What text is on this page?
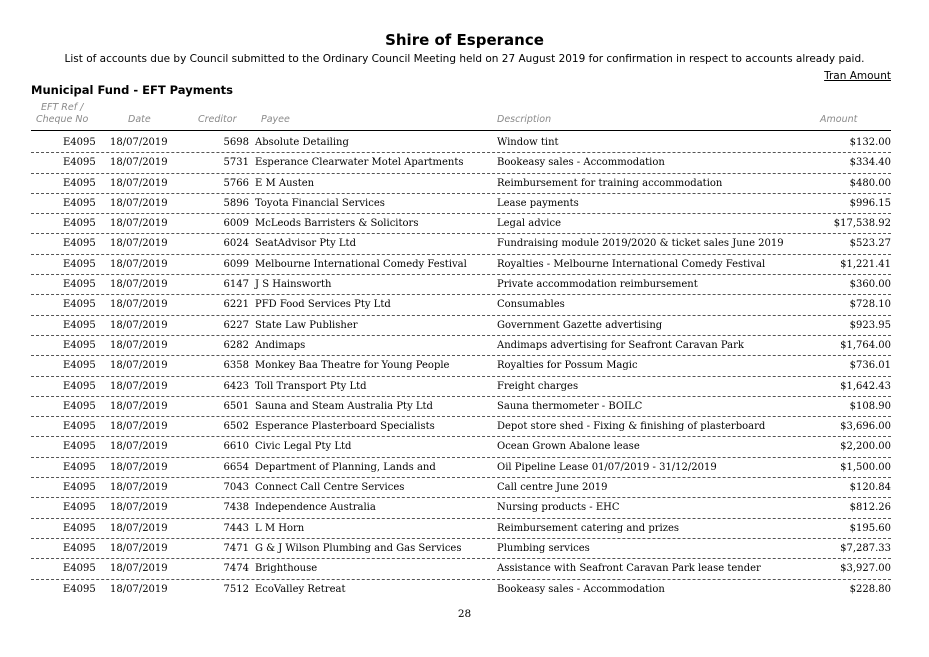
Shire of Esperance
List of accounts due by Council submitted to the Ordinary Council Meeting held on 27 August 2019 for confirmation in respect to accounts already paid.
Tran Amount
Municipal Fund - EFT Payments
EFT Ref /
Cheque No	Date	Creditor	Payee	Description	Amount
E4095 18/07/2019	5698 Absolute Detailing	Window tint	$132.00
E4095 18/07/2019	5731 Esperance Clearwater Motel Apartments	Bookeasy sales - Accommodation	$334.40
E4095 18/07/2019	5766 E M Austen	Reimbursement for training accommodation	$480.00
E4095 18/07/2019	5896 Toyota Financial Services	Lease payments	$996.15
E4095 18/07/2019	6009 McLeods Barristers & Solicitors	Legal advice	$17,538.92
E4095 18/07/2019	6024 SeatAdvisor Pty Ltd	Fundraising module 2019/2020 & ticket sales June 2019	$523.27
E4095 18/07/2019	6099 Melbourne International Comedy Festival	Royalties - Melbourne International Comedy Festival	$1,221.41
E4095 18/07/2019	6147 J S Hainsworth	Private accommodation reimbursement	$360.00
E4095 18/07/2019	6221 PFD Food Services Pty Ltd	Consumables	$728.10
E4095 18/07/2019	6227 State Law Publisher	Government Gazette advertising	$923.95
E4095 18/07/2019	6282 Andimaps	Andimaps advertising for Seafront Caravan Park	$1,764.00
E4095 18/07/2019	6358 Monkey Baa Theatre for Young People	Royalties for Possum Magic	$736.01
E4095 18/07/2019	6423 Toll Transport Pty Ltd	Freight charges	$1,642.43
E4095 18/07/2019	6501 Sauna and Steam Australia Pty Ltd	Sauna thermometer - BOILC	$108.90
E4095 18/07/2019	6502 Esperance Plasterboard Specialists	Depot store shed - Fixing & finishing of plasterboard	$3,696.00
E4095 18/07/2019	6610 Civic Legal Pty Ltd	Ocean Grown Abalone lease	$2,200.00
E4095 18/07/2019	6654 Department of Planning, Lands and	Oil Pipeline Lease 01/07/2019 - 31/12/2019	$1,500.00
E4095 18/07/2019	7043 Connect Call Centre Services	Call centre June 2019	$120.84
E4095 18/07/2019	7438 Independence Australia	Nursing products - EHC	$812.26
E4095 18/07/2019	7443 L M Horn	Reimbursement catering and prizes	$195.60
E4095 18/07/2019	7471 G & J Wilson Plumbing and Gas Services	Plumbing services	$7,287.33
E4095 18/07/2019	7474 Brighthouse	Assistance with Seafront Caravan Park lease tender	$3,927.00
E4095 18/07/2019	7512 EcoValley Retreat	Bookeasy sales - Accommodation	$228.80
28
